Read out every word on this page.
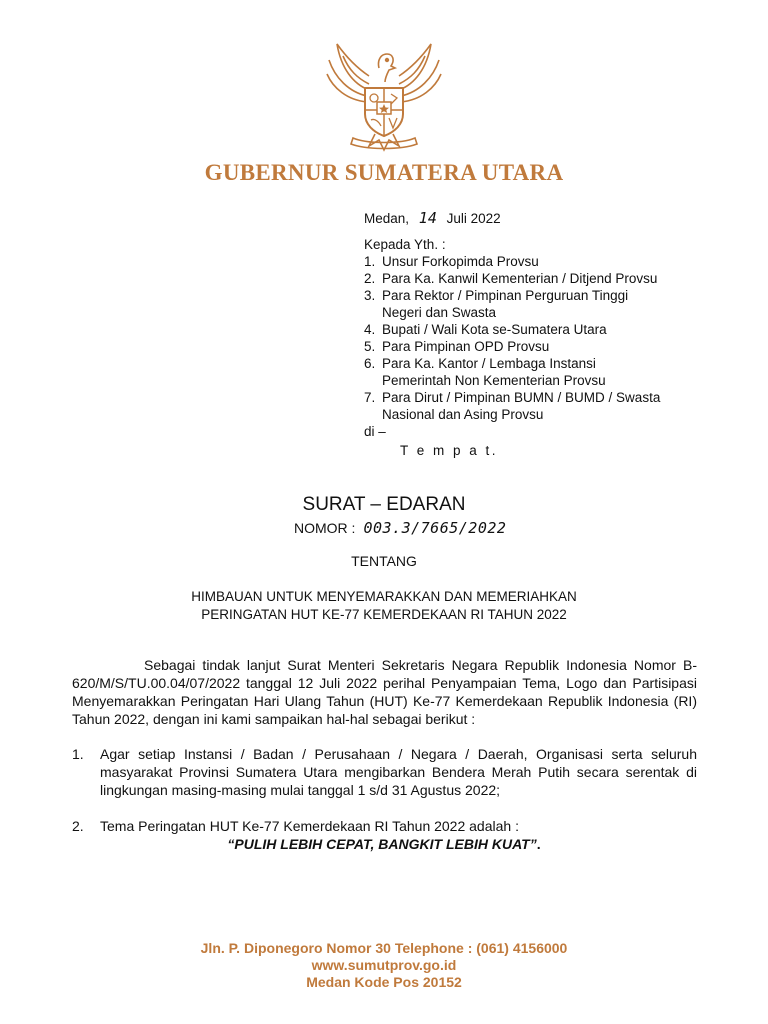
GUBERNUR SUMATERA UTARA
Medan, 14 Juli 2022
Kepada Yth. :
1. Unsur Forkopimda Provsu
2. Para Ka. Kanwil Kementerian / Ditjend Provsu
3. Para Rektor / Pimpinan Perguruan Tinggi
Negeri dan Swasta
4. Bupati / Wali Kota se-Sumatera Utara
5. Para Pimpinan OPD Provsu
6. Para Ka. Kantor / Lembaga Instansi
Pemerintah Non Kementerian Provsu
7. Para Dirut / Pimpinan BUMN / BUMD / Swasta
Nasional dan Asing Provsu
di –
T e m p a t.
SURAT – EDARAN
NOMOR : 003.3/7665/2022
TENTANG
HIMBAUAN UNTUK MENYEMARAKKAN DAN MEMERIAHKAN
PERINGATAN HUT KE-77 KEMERDEKAAN RI TAHUN 2022
Sebagai tindak lanjut Surat Menteri Sekretaris Negara Republik Indonesia Nomor B-620/M/S/TU.00.04/07/2022 tanggal 12 Juli 2022 perihal Penyampaian Tema, Logo dan Partisipasi Menyemarakkan Peringatan Hari Ulang Tahun (HUT) Ke-77 Kemerdekaan Republik Indonesia (RI) Tahun 2022, dengan ini kami sampaikan hal-hal sebagai berikut :
1.	Agar setiap Instansi / Badan / Perusahaan / Negara / Daerah, Organisasi serta seluruh masyarakat Provinsi Sumatera Utara mengibarkan Bendera Merah Putih secara serentak di lingkungan masing-masing mulai tanggal 1 s/d 31 Agustus 2022;
2.	Tema Peringatan HUT Ke-77 Kemerdekaan RI Tahun 2022 adalah :
“PULIH LEBIH CEPAT, BANGKIT LEBIH KUAT”.
Jln. P. Diponegoro Nomor 30 Telephone : (061) 4156000
www.sumutprov.go.id
Medan Kode Pos 20152
